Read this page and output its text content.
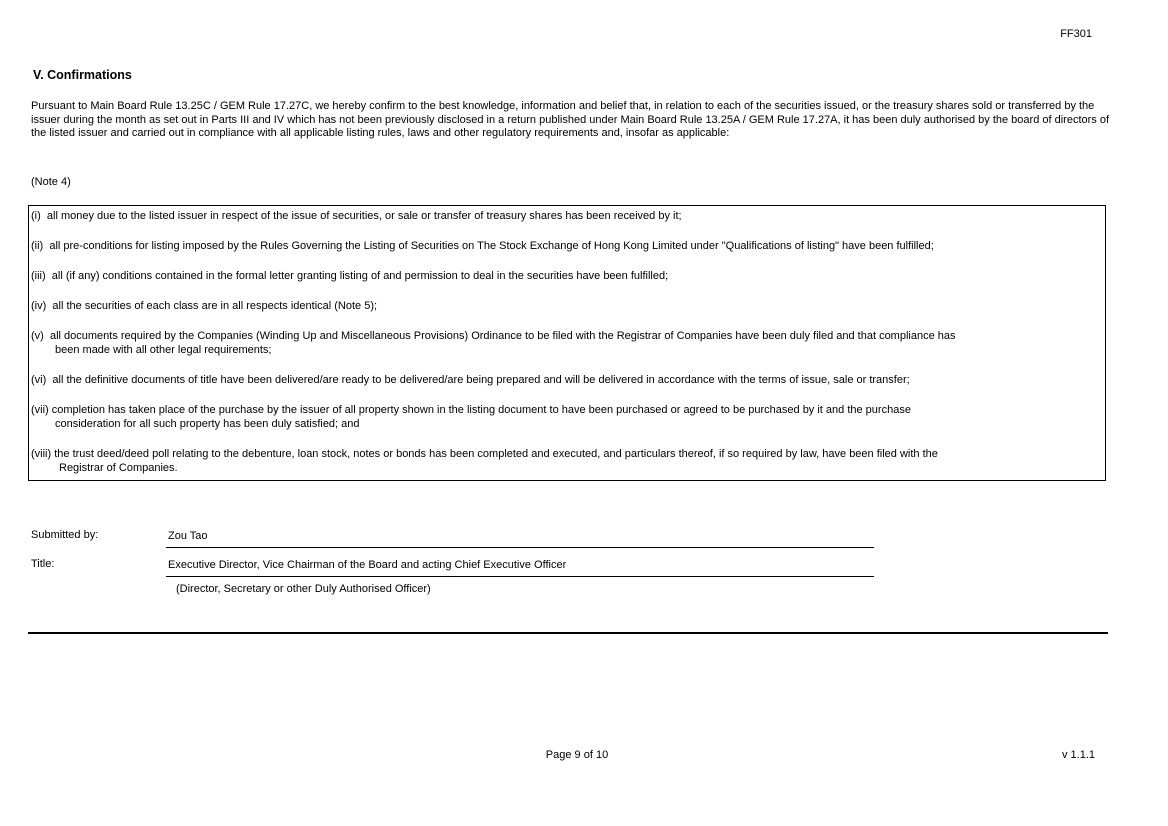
FF301
V. Confirmations
Pursuant to Main Board Rule 13.25C / GEM Rule 17.27C, we hereby confirm to the best knowledge, information and belief that, in relation to each of the securities issued, or the treasury shares sold or transferred by the issuer during the month as set out in Parts III and IV which has not been previously disclosed in a return published under Main Board Rule 13.25A / GEM Rule 17.27A, it has been duly authorised by the board of directors of the listed issuer and carried out in compliance with all applicable listing rules, laws and other regulatory requirements and, insofar as applicable:
(Note 4)
(i) all money due to the listed issuer in respect of the issue of securities, or sale or transfer of treasury shares has been received by it;
(ii) all pre-conditions for listing imposed by the Rules Governing the Listing of Securities on The Stock Exchange of Hong Kong Limited under "Qualifications of listing" have been fulfilled;
(iii) all (if any) conditions contained in the formal letter granting listing of and permission to deal in the securities have been fulfilled;
(iv) all the securities of each class are in all respects identical (Note 5);
(v) all documents required by the Companies (Winding Up and Miscellaneous Provisions) Ordinance to be filed with the Registrar of Companies have been duly filed and that compliance has
been made with all other legal requirements;
(vi) all the definitive documents of title have been delivered/are ready to be delivered/are being prepared and will be delivered in accordance with the terms of issue, sale or transfer;
(vii) completion has taken place of the purchase by the issuer of all property shown in the listing document to have been purchased or agreed to be purchased by it and the purchase
consideration for all such property has been duly satisfied; and
(viii) the trust deed/deed poll relating to the debenture, loan stock, notes or bonds has been completed and executed, and particulars thereof, if so required by law, have been filed with the
Registrar of Companies.
Submitted by:	Zou Tao
Title:	Executive Director, Vice Chairman of the Board and acting Chief Executive Officer
(Director, Secretary or other Duly Authorised Officer)
Page 9 of 10	v 1.1.1
